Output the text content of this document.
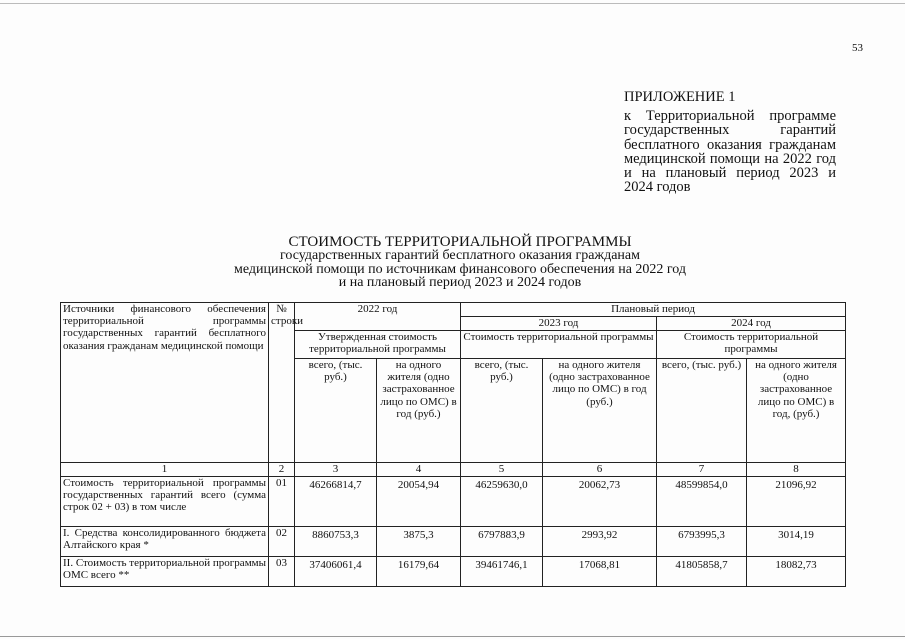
53
ПРИЛОЖЕНИЕ 1
к Территориальной программе государственных гарантий бесплатного оказания гражданам медицинской помощи на 2022 год и на плановый период 2023 и 2024 годов
СТОИМОСТЬ ТЕРРИТОРИАЛЬНОЙ ПРОГРАММЫ
государственных гарантий бесплатного оказания гражданам
медицинской помощи по источникам финансового обеспечения на 2022 год
и на плановый период 2023 и 2024 годов
Источники финансового обеспечения территориальной программы государственных гарантий бесплатного оказания гражданам медицинской помощи	№ строки	2022 год		Плановый период			
				2023 год		2024 год	
		Утвержденная стоимость территориальной программы		Стоимость территориальной программы		Стоимость территориальной программы	
		всего, (тыс. руб.)	на одного жителя (одно застрахованное лицо по ОМС) в год (руб.)	всего, (тыс. руб.)	на одного жителя (одно застрахованное лицо по ОМС) в год (руб.)	всего, (тыс. руб.)	на одного жителя (одно застрахованное лицо по ОМС) в год, (руб.)
1	2	3	4	5	6	7	8
Стоимость территориальной программы государственных гарантий всего (сумма строк 02 + 03) в том числе	01	46266814,7	20054,94	46259630,0	20062,73	48599854,0	21096,92
I. Средства консолидированного бюджета Алтайского края *	02	8860753,3	3875,3	6797883,9	2993,92	6793995,3	3014,19
II. Стоимость территориальной программы ОМС всего **	03	37406061,4	16179,64	39461746,1	17068,81	41805858,7	18082,73
